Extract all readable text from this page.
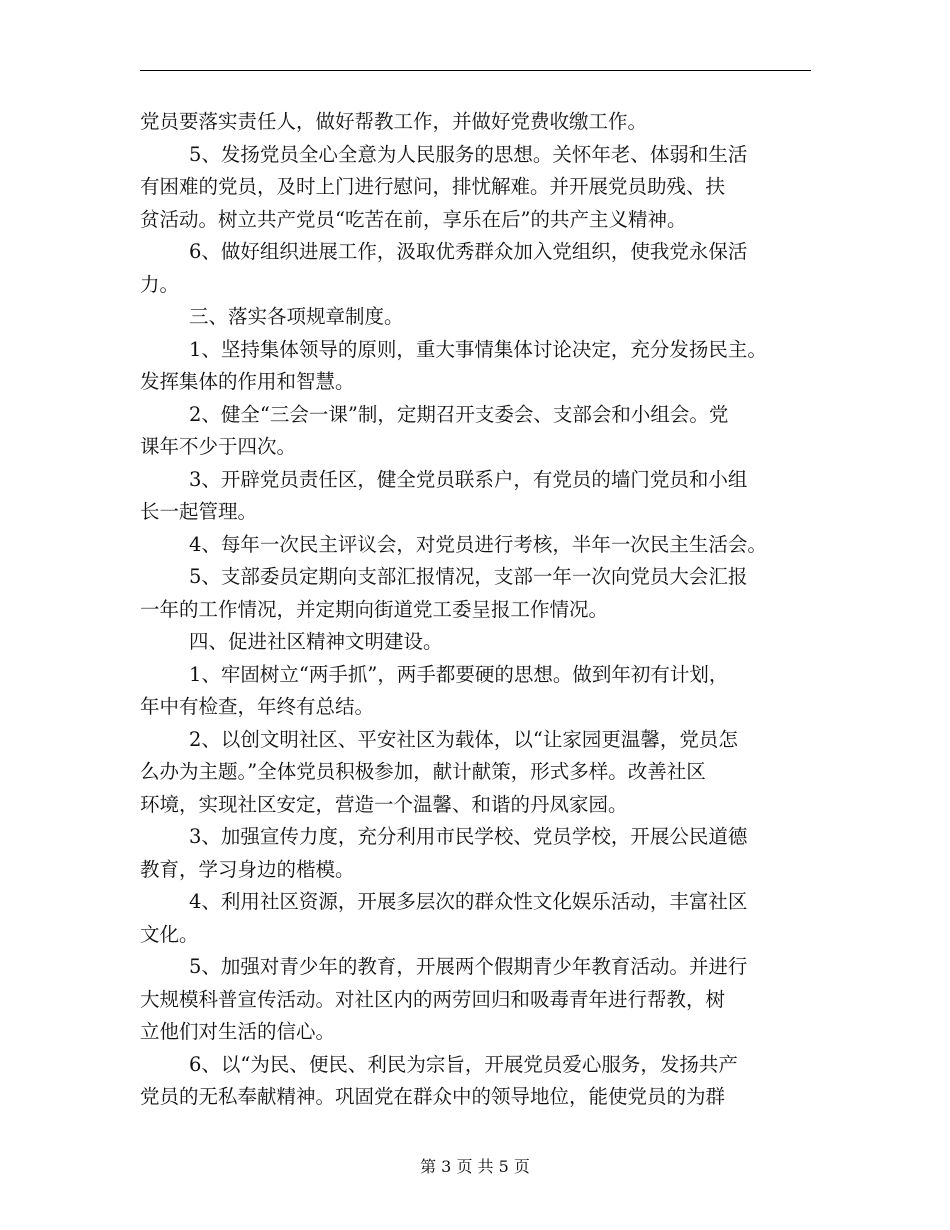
党员要落实责任人，做好帮教工作，并做好党费收缴工作。
5、发扬党员全心全意为人民服务的思想。关怀年老、体弱和生活
有困难的党员，及时上门进行慰问，排忧解难。并开展党员助残、扶
贫活动。树立共产党员“吃苦在前，享乐在后”的共产主义精神。
6、做好组织进展工作，汲取优秀群众加入党组织，使我党永保活
力。
三、落实各项规章制度。
1、坚持集体领导的原则，重大事情集体讨论决定，充分发扬民主。
发挥集体的作用和智慧。
2、健全“三会一课”制，定期召开支委会、支部会和小组会。党
课年不少于四次。
3、开辟党员责任区，健全党员联系户，有党员的墙门党员和小组
长一起管理。
4、每年一次民主评议会，对党员进行考核，半年一次民主生活会。
5、支部委员定期向支部汇报情况，支部一年一次向党员大会汇报
一年的工作情况，并定期向街道党工委呈报工作情况。
四、促进社区精神文明建设。
1、牢固树立“两手抓”，两手都要硬的思想。做到年初有计划，
年中有检查，年终有总结。
2、以创文明社区、平安社区为载体，以“让家园更温馨，党员怎
么办为主题。”全体党员积极参加，献计献策，形式多样。改善社区
环境，实现社区安定，营造一个温馨、和谐的丹凤家园。
3、加强宣传力度，充分利用市民学校、党员学校，开展公民道德
教育，学习身边的楷模。
4、利用社区资源，开展多层次的群众性文化娱乐活动，丰富社区
文化。
5、加强对青少年的教育，开展两个假期青少年教育活动。并进行
大规模科普宣传活动。对社区内的两劳回归和吸毒青年进行帮教，树
立他们对生活的信心。
6、以“为民、便民、利民为宗旨，开展党员爱心服务，发扬共产
党员的无私奉献精神。巩固党在群众中的领导地位，能使党员的为群
第 3 页 共 5 页
